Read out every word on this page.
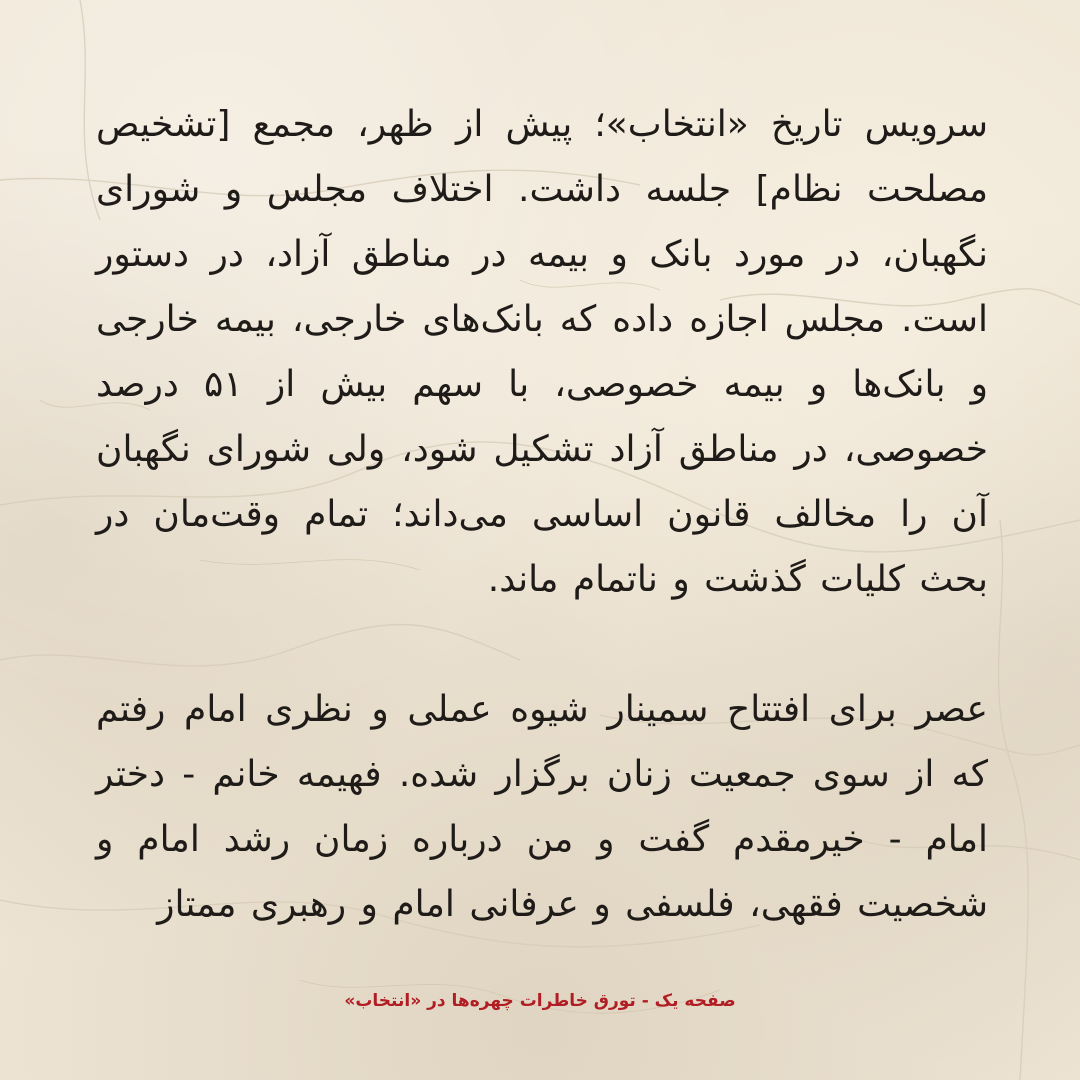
سرویس تاریخ «انتخاب»؛ پیش از ظهر، مجمع [تشخیص مصلحت نظام] جلسه داشت. اختلاف مجلس و شورای نگهبان، در مورد بانک و بیمه در مناطق آزاد، در دستور است. مجلس اجازه داده که بانک‌های خارجی، بیمه خارجی و بانک‌ها و بیمه خصوصی، با سهم بیش از ۵۱ درصد خصوصی، در مناطق آزاد تشکیل شود، ولی شورای نگهبان آن را مخالف قانون اساسی می‌داند؛ تمام وقت‌مان در بحث کلیات گذشت و ناتمام ماند.

عصر برای افتتاح سمینار شیوه عملی و نظری امام رفتم که از سوی جمعیت زنان برگزار شده. فهیمه خانم - دختر امام - خیرمقدم گفت و من درباره زمان رشد امام و شخصیت فقهی، فلسفی و عرفانی امام و رهبری ممتاز

صفحه یک - تورق خاطرات چهره‌ها در «انتخاب»
